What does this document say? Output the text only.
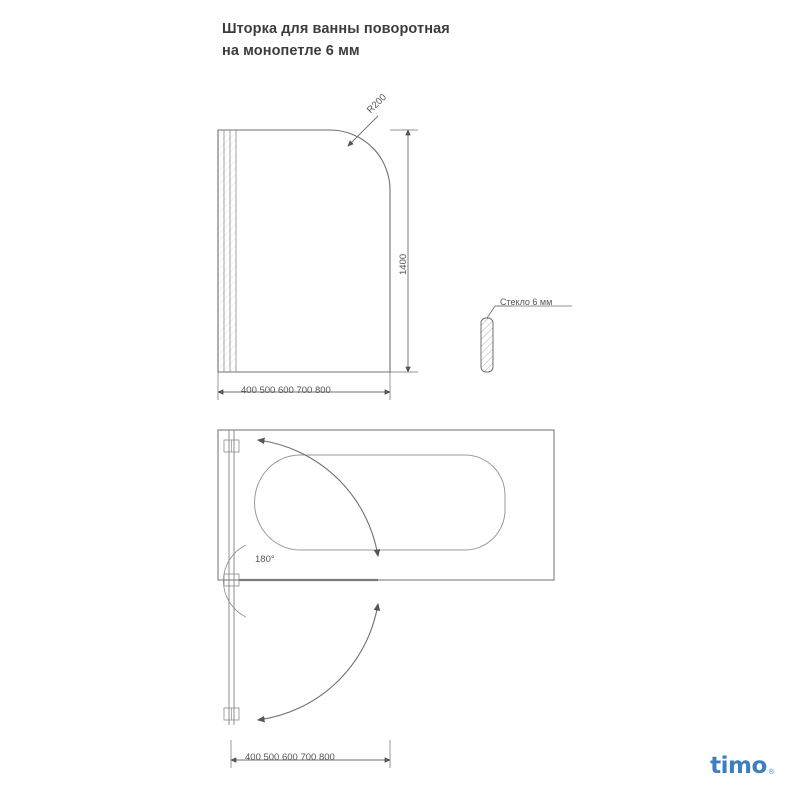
Шторка для ванны поворотная
на монопетле 6 мм
R200
1400
Стекло 6 мм
400 500 600 700 800
180°
400 500 600 700 800	timo ®
